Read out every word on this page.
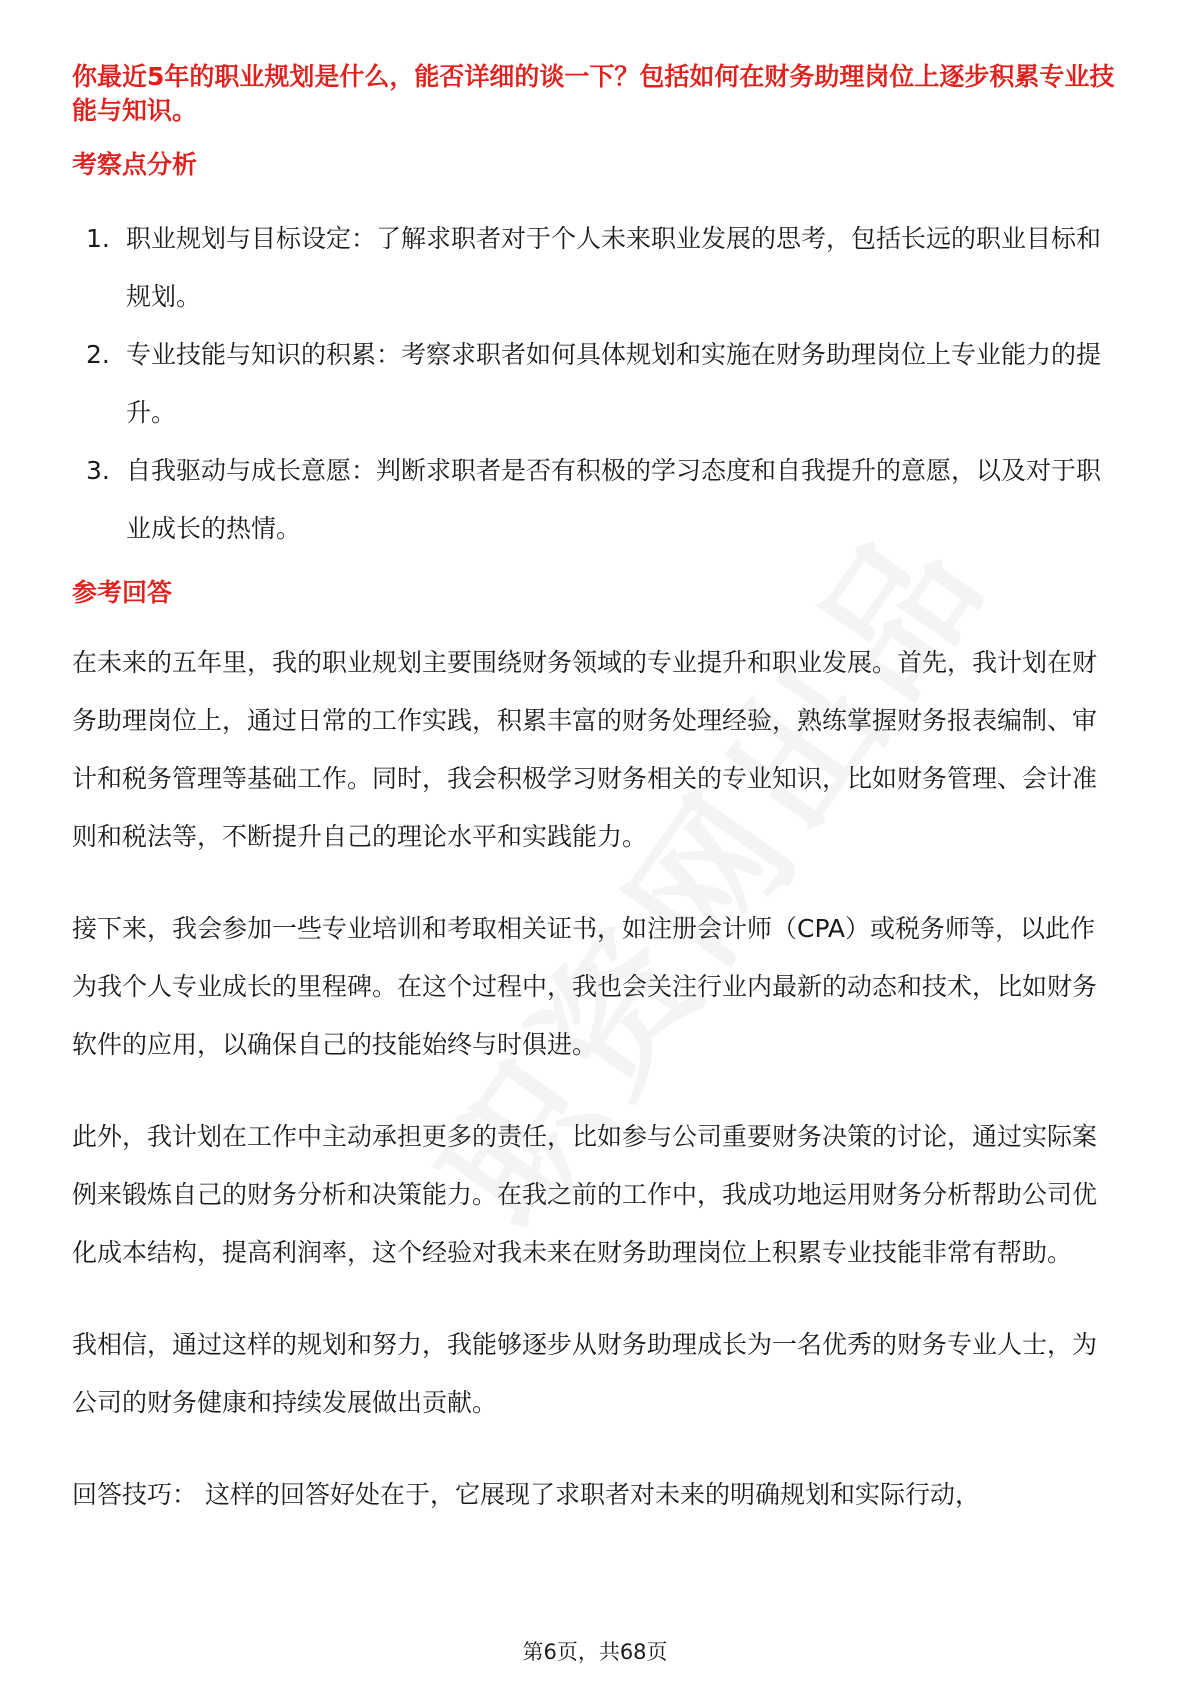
你最近5年的职业规划是什么，能否详细的谈一下？包括如何在财务助理岗位上逐步积累专业技能与知识。

考察点分析
1. 职业规划与目标设定：了解求职者对于个人未来职业发展的思考，包括长远的职业目标和规划。
2. 专业技能与知识的积累：考察求职者如何具体规划和实施在财务助理岗位上专业能力的提升。
3. 自我驱动与成长意愿：判断求职者是否有积极的学习态度和自我提升的意愿，以及对于职业成长的热情。
参考回答

在未来的五年里，我的职业规划主要围绕财务领域的专业提升和职业发展。首先，我计划在财务助理岗位上，通过日常的工作实践，积累丰富的财务处理经验，熟练掌握财务报表编制、审计和税务管理等基础工作。同时，我会积极学习财务相关的专业知识，比如财务管理、会计准则和税法等，不断提升自己的理论水平和实践能力。

接下来，我会参加一些专业培训和考取相关证书，如注册会计师（CPA）或税务师等，以此作为我个人专业成长的里程碑。在这个过程中，我也会关注行业内最新的动态和技术，比如财务软件的应用，以确保自己的技能始终与时俱进。

此外，我计划在工作中主动承担更多的责任，比如参与公司重要财务决策的讨论，通过实际案例来锻炼自己的财务分析和决策能力。在我之前的工作中，我成功地运用财务分析帮助公司优化成本结构，提高利润率，这个经验对我未来在财务助理岗位上积累专业技能非常有帮助。

我相信，通过这样的规划和努力，我能够逐步从财务助理成长为一名优秀的财务专业人士，为公司的财务健康和持续发展做出贡献。

回答技巧： 这样的回答好处在于，它展现了求职者对未来的明确规划和实际行动，

第6页，共68页
